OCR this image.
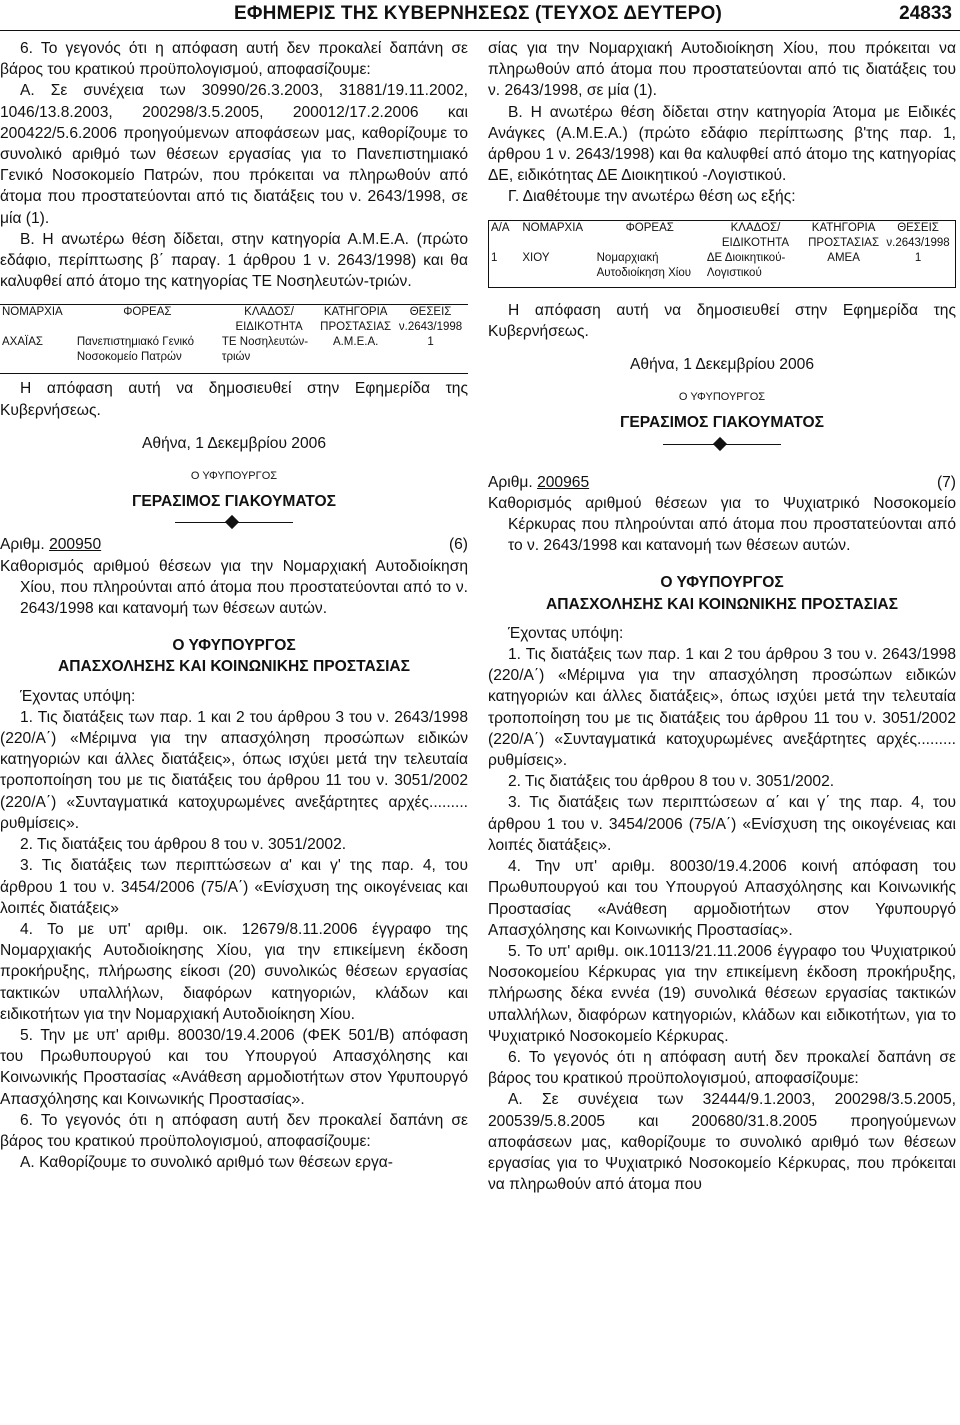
ΕΦΗΜΕΡΙΣ ΤΗΣ ΚΥΒΕΡΝΗΣΕΩΣ (ΤΕΥΧΟΣ ΔΕΥΤΕΡΟ)	24833

6. Το γεγονός ότι η απόφαση αυτή δεν προκαλεί δαπάνη σε βάρος του κρατικού προϋπολογισμού, αποφασίζουμε:

Α. Σε συνέχεια των 30990/26.3.2003, 31881/19.11.2002, 1046/13.8.2003, 200298/3.5.2005, 200012/17.2.2006 και 200422/5.6.2006 προηγούμενων αποφάσεων μας, καθορίζουμε το συνολικό αριθμό των θέσεων εργασίας για το Πανεπιστημιακό Γενικό Νοσοκομείο Πατρών, που πρόκειται να πληρωθούν από άτομα που προστατεύονται από τις διατάξεις του ν. 2643/1998, σε μία (1).

Β. Η ανωτέρω θέση δίδεται, στην κατηγορία Α.Μ.Ε.Α. (πρώτο εδάφιο, περίπτωσης β΄ παραγ. 1 άρθρου 1 ν. 2643/1998) και θα καλυφθεί από άτομο της κατηγορίας ΤΕ Νοσηλευτών-τριών.

ΝΟΜΑΡΧΙΑ	ΦΟΡΕΑΣ	ΚΛΑΔΟΣ/ ΕΙΔΙΚΟΤΗΤΑ	ΚΑΤΗΓΟΡΙΑ ΠΡΟΣΤΑΣΙΑΣ	ΘΕΣΕΙΣ ν.2643/1998
ΑΧΑΪΑΣ	Πανεπιστημιακό Γενικό Νοσοκομείο Πατρών	ΤΕ Νοσηλευτών-τριών	Α.Μ.Ε.Α.	1

Η απόφαση αυτή να δημοσιευθεί στην Εφημερίδα της Κυβερνήσεως.

Αθήνα, 1 Δεκεμβρίου 2006

Ο ΥΦΥΠΟΥΡΓΟΣ

ΓΕΡΑΣΙΜΟΣ ΓΙΑΚΟΥΜΑΤΟΣ

Αριθμ. 200950	(6)

Καθορισμός αριθμού θέσεων για την Νομαρχιακή Αυτοδιοίκηση Χίου, που πληρούνται από άτομα που προστατεύονται από το ν. 2643/1998 και κατανομή των θέσεων αυτών.

Ο ΥΦΥΠΟΥΡΓΟΣ

ΑΠΑΣΧΟΛΗΣΗΣ ΚΑΙ ΚΟΙΝΩΝΙΚΗΣ ΠΡΟΣΤΑΣΙΑΣ

Έχοντας υπόψη:

1. Τις διατάξεις των παρ. 1 και 2 του άρθρου 3 του ν. 2643/1998 (220/Α΄) «Μέριμνα για την απασχόληση προσώπων ειδικών κατηγοριών και άλλες διατάξεις», όπως ισχύει μετά την τελευταία τροποποίηση του με τις διατάξεις του άρθρου 11 του ν. 3051/2002 (220/Α΄) «Συνταγματικά κατοχυρωμένες ανεξάρτητες αρχές......... ρυθμίσεις».

2. Τις διατάξεις του άρθρου 8 του ν. 3051/2002.

3. Τις διατάξεις των περιπτώσεων α' και γ' της παρ. 4, του άρθρου 1 του ν. 3454/2006 (75/Α΄) «Ενίσχυση της οικογένειας και λοιπές διατάξεις»

4. Το με υπ' αριθμ. οικ. 12679/8.11.2006 έγγραφο της Νομαρχιακής Αυτοδιοίκησης Χίου, για την επικείμενη έκδοση προκήρυξης, πλήρωσης είκοσι (20) συνολικώς θέσεων εργασίας τακτικών υπαλλήλων, διαφόρων κατηγοριών, κλάδων και ειδικοτήτων για την Νομαρχιακή Αυτοδιοίκηση Χίου.

5. Την με υπ' αριθμ. 80030/19.4.2006 (ΦΕΚ 501/Β) απόφαση του Πρωθυπουργού και του Υπουργού Απασχόλησης και Κοινωνικής Προστασίας «Ανάθεση αρμοδιοτήτων στον Υφυπουργό Απασχόλησης και Κοινωνικής Προστασίας».

6. Το γεγονός ότι η απόφαση αυτή δεν προκαλεί δαπάνη σε βάρος του κρατικού προϋπολογισμού, αποφασίζουμε:

Α. Καθορίζουμε το συνολικό αριθμό των θέσεων εργα-

σίας για την Νομαρχιακή Αυτοδιοίκηση Χίου, που πρόκειται να πληρωθούν από άτομα που προστατεύονται από τις διατάξεις του ν. 2643/1998, σε μία (1).

Β. Η ανωτέρω θέση δίδεται στην κατηγορία Άτομα με Ειδικές Ανάγκες (Α.Μ.Ε.Α.) (πρώτο εδάφιο περίπτωσης β'της παρ. 1, άρθρου 1 ν. 2643/1998) και θα καλυφθεί από άτομο της κατηγορίας ΔΕ, ειδικότητας ΔΕ Διοικητικού -Λογιστικού.

Γ. Διαθέτουμε την ανωτέρω θέση ως εξής:

Α/Α	ΝΟΜΑΡΧΙΑ	ΦΟΡΕΑΣ	ΚΛΑΔΟΣ/ ΕΙΔΙΚΟΤΗΤΑ	ΚΑΤΗΓΟΡΙΑ ΠΡΟΣΤΑΣΙΑΣ	ΘΕΣΕΙΣ ν.2643/1998
1	ΧΙΟΥ	Νομαρχιακή Αυτοδιοίκηση Χίου	ΔΕ Διοικητικού-Λογιστικού	ΑΜΕΑ	1

Η απόφαση αυτή να δημοσιευθεί στην Εφημερίδα της Κυβερνήσεως.

Αθήνα, 1 Δεκεμβρίου 2006

Ο ΥΦΥΠΟΥΡΓΟΣ

ΓΕΡΑΣΙΜΟΣ ΓΙΑΚΟΥΜΑΤΟΣ

Αριθμ. 200965	(7)

Καθορισμός αριθμού θέσεων για το Ψυχιατρικό Νοσοκομείο Κέρκυρας που πληρούνται από άτομα που προστατεύονται από το ν. 2643/1998 και κατανομή των θέσεων αυτών.

Ο ΥΦΥΠΟΥΡΓΟΣ

ΑΠΑΣΧΟΛΗΣΗΣ ΚΑΙ ΚΟΙΝΩΝΙΚΗΣ ΠΡΟΣΤΑΣΙΑΣ

Έχοντας υπόψη:

1. Τις διατάξεις των παρ. 1 και 2 του άρθρου 3 του ν. 2643/1998 (220/Α΄) «Μέριμνα για την απασχόληση προσώπων ειδικών κατηγοριών και άλλες διατάξεις», όπως ισχύει μετά την τελευταία τροποποίηση του με τις διατάξεις του άρθρου 11 του ν. 3051/2002 (220/Α΄) «Συνταγματικά κατοχυρωμένες ανεξάρτητες αρχές......... ρυθμίσεις».

2. Τις διατάξεις του άρθρου 8 του ν. 3051/2002.

3. Τις διατάξεις των περιπτώσεων α΄ και γ΄ της παρ. 4, του άρθρου 1 του ν. 3454/2006 (75/Α΄) «Ενίσχυση της οικογένειας και λοιπές διατάξεις».

4. Την υπ' αριθμ. 80030/19.4.2006 κοινή απόφαση του Πρωθυπουργού και του Υπουργού Απασχόλησης και Κοινωνικής Προστασίας «Ανάθεση αρμοδιοτήτων στον Υφυπουργό Απασχόλησης και Κοινωνικής Προστασίας».

5. Το υπ' αριθμ. οικ.10113/21.11.2006 έγγραφο του Ψυχιατρικού Νοσοκομείου Κέρκυρας για την επικείμενη έκδοση προκήρυξης, πλήρωσης δέκα εννέα (19) συνολικά θέσεων εργασίας τακτικών υπαλλήλων, διαφόρων κατηγοριών, κλάδων και ειδικοτήτων, για το Ψυχιατρικό Νοσοκομείο Κέρκυρας.

6. Το γεγονός ότι η απόφαση αυτή δεν προκαλεί δαπάνη σε βάρος του κρατικού προϋπολογισμού, αποφασίζουμε:

Α. Σε συνέχεια των 32444/9.1.2003, 200298/3.5.2005, 200539/5.8.2005 και 200680/31.8.2005 προηγούμενων αποφάσεων μας, καθορίζουμε το συνολικό αριθμό των θέσεων εργασίας για το Ψυχιατρικό Νοσοκομείο Κέρκυρας, που πρόκειται να πληρωθούν από άτομα που
